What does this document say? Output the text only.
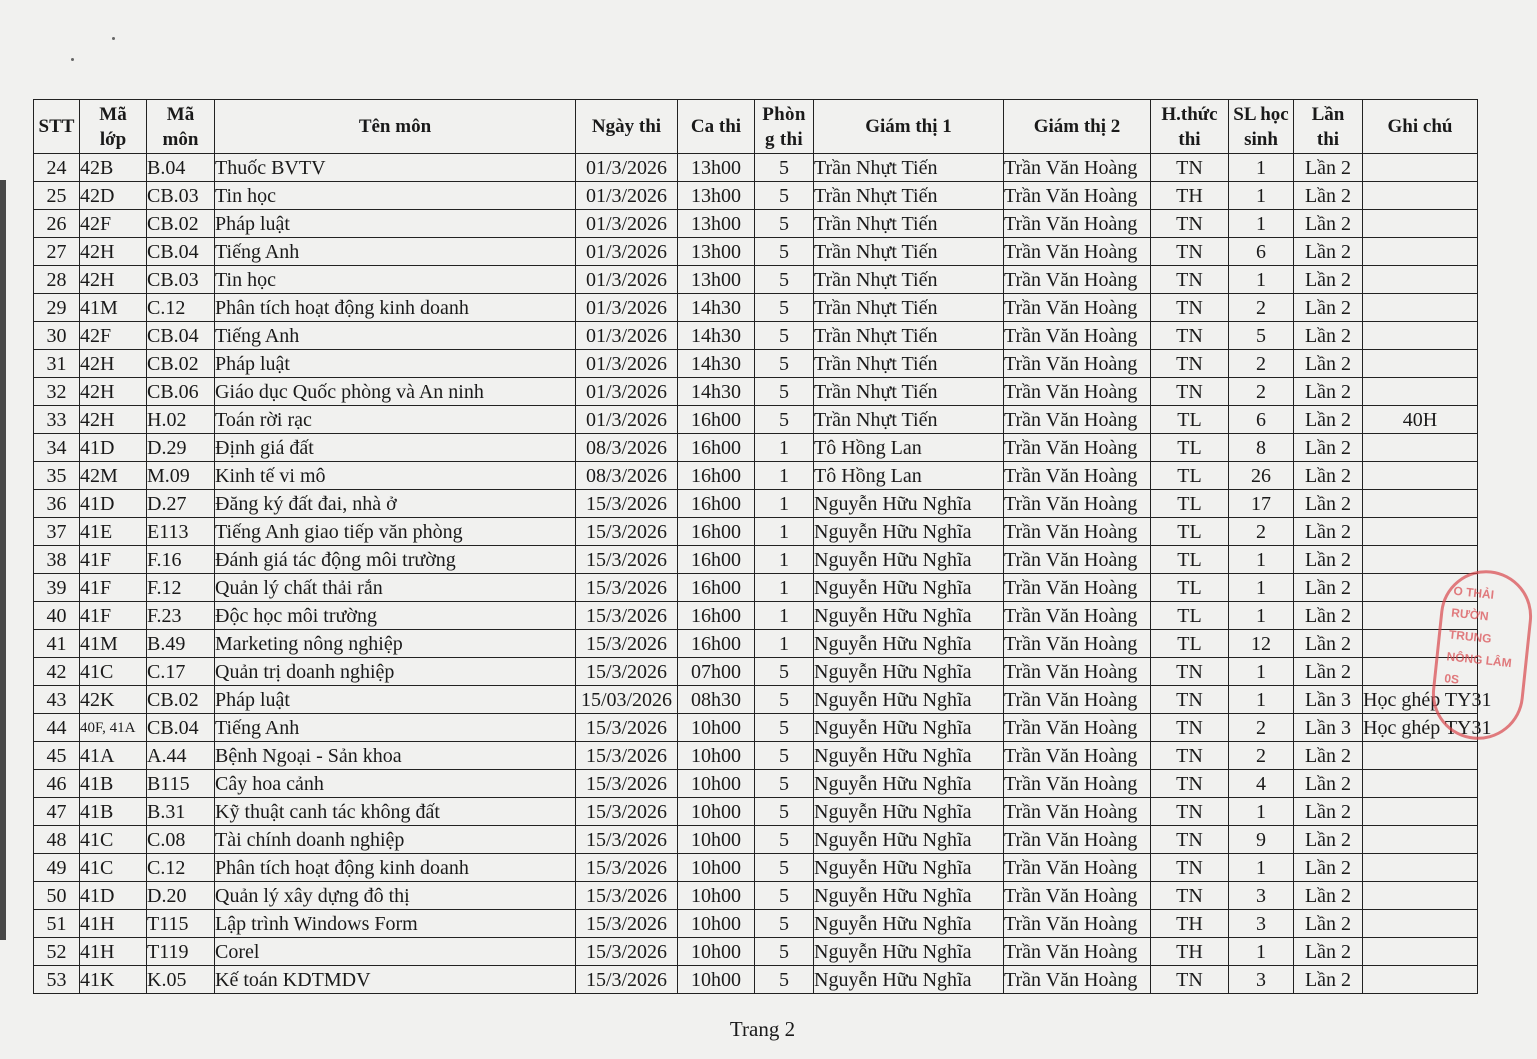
STT	Mã lớp	Mã môn	Tên môn	Ngày thi	Ca thi	Phòn g thi	Giám thị 1	Giám thị 2	H.thức thi	SL học sinh	Lần thi	Ghi chú
24	42B	B.04	Thuốc BVTV	01/3/2026	13h00	5	Trần Nhựt Tiến	Trần Văn Hoàng	TN	1	Lần 2	
25	42D	CB.03	Tin học	01/3/2026	13h00	5	Trần Nhựt Tiến	Trần Văn Hoàng	TH	1	Lần 2	
26	42F	CB.02	Pháp luật	01/3/2026	13h00	5	Trần Nhựt Tiến	Trần Văn Hoàng	TN	1	Lần 2	
27	42H	CB.04	Tiếng Anh	01/3/2026	13h00	5	Trần Nhựt Tiến	Trần Văn Hoàng	TN	6	Lần 2	
28	42H	CB.03	Tin học	01/3/2026	13h00	5	Trần Nhựt Tiến	Trần Văn Hoàng	TN	1	Lần 2	
29	41M	C.12	Phân tích hoạt động kinh doanh	01/3/2026	14h30	5	Trần Nhựt Tiến	Trần Văn Hoàng	TN	2	Lần 2	
30	42F	CB.04	Tiếng Anh	01/3/2026	14h30	5	Trần Nhựt Tiến	Trần Văn Hoàng	TN	5	Lần 2	
31	42H	CB.02	Pháp luật	01/3/2026	14h30	5	Trần Nhựt Tiến	Trần Văn Hoàng	TN	2	Lần 2	
32	42H	CB.06	Giáo dục Quốc phòng và An ninh	01/3/2026	14h30	5	Trần Nhựt Tiến	Trần Văn Hoàng	TN	2	Lần 2	
33	42H	H.02	Toán rời rạc	01/3/2026	16h00	5	Trần Nhựt Tiến	Trần Văn Hoàng	TL	6	Lần 2	40H
34	41D	D.29	Định giá đất	08/3/2026	16h00	1	Tô Hồng Lan	Trần Văn Hoàng	TL	8	Lần 2	
35	42M	M.09	Kinh tế vi mô	08/3/2026	16h00	1	Tô Hồng Lan	Trần Văn Hoàng	TL	26	Lần 2	
36	41D	D.27	Đăng ký đất đai, nhà ở	15/3/2026	16h00	1	Nguyễn Hữu Nghĩa	Trần Văn Hoàng	TL	17	Lần 2	
37	41E	E113	Tiếng Anh giao tiếp văn phòng	15/3/2026	16h00	1	Nguyễn Hữu Nghĩa	Trần Văn Hoàng	TL	2	Lần 2	
38	41F	F.16	Đánh giá tác động môi trường	15/3/2026	16h00	1	Nguyễn Hữu Nghĩa	Trần Văn Hoàng	TL	1	Lần 2	
39	41F	F.12	Quản lý chất thải rắn	15/3/2026	16h00	1	Nguyễn Hữu Nghĩa	Trần Văn Hoàng	TL	1	Lần 2	
40	41F	F.23	Độc học môi trường	15/3/2026	16h00	1	Nguyễn Hữu Nghĩa	Trần Văn Hoàng	TL	1	Lần 2	
41	41M	B.49	Marketing nông nghiệp	15/3/2026	16h00	1	Nguyễn Hữu Nghĩa	Trần Văn Hoàng	TL	12	Lần 2	
42	41C	C.17	Quản trị doanh nghiệp	15/3/2026	07h00	5	Nguyễn Hữu Nghĩa	Trần Văn Hoàng	TN	1	Lần 2	
43	42K	CB.02	Pháp luật	15/03/2026	08h30	5	Nguyễn Hữu Nghĩa	Trần Văn Hoàng	TN	1	Lần 3	Học ghép TY31
44	40F, 41A	CB.04	Tiếng Anh	15/3/2026	10h00	5	Nguyễn Hữu Nghĩa	Trần Văn Hoàng	TN	2	Lần 3	Học ghép TY31
45	41A	A.44	Bệnh Ngoại - Sản khoa	15/3/2026	10h00	5	Nguyễn Hữu Nghĩa	Trần Văn Hoàng	TN	2	Lần 2	
46	41B	B115	Cây hoa cảnh	15/3/2026	10h00	5	Nguyễn Hữu Nghĩa	Trần Văn Hoàng	TN	4	Lần 2	
47	41B	B.31	Kỹ thuật canh tác không đất	15/3/2026	10h00	5	Nguyễn Hữu Nghĩa	Trần Văn Hoàng	TN	1	Lần 2	
48	41C	C.08	Tài chính doanh nghiệp	15/3/2026	10h00	5	Nguyễn Hữu Nghĩa	Trần Văn Hoàng	TN	9	Lần 2	
49	41C	C.12	Phân tích hoạt động kinh doanh	15/3/2026	10h00	5	Nguyễn Hữu Nghĩa	Trần Văn Hoàng	TN	1	Lần 2	
50	41D	D.20	Quản lý xây dựng đô thị	15/3/2026	10h00	5	Nguyễn Hữu Nghĩa	Trần Văn Hoàng	TN	3	Lần 2	
51	41H	T115	Lập trình Windows Form	15/3/2026	10h00	5	Nguyễn Hữu Nghĩa	Trần Văn Hoàng	TH	3	Lần 2	
52	41H	T119	Corel	15/3/2026	10h00	5	Nguyễn Hữu Nghĩa	Trần Văn Hoàng	TH	1	Lần 2	
53	41K	K.05	Kế toán KDTMDV	15/3/2026	10h00	5	Nguyễn Hữu Nghĩa	Trần Văn Hoàng	TN	3	Lần 2	
O THẢI
RƯỜN
TRUNG
NÔNG LÂM
0S
Trang 2
